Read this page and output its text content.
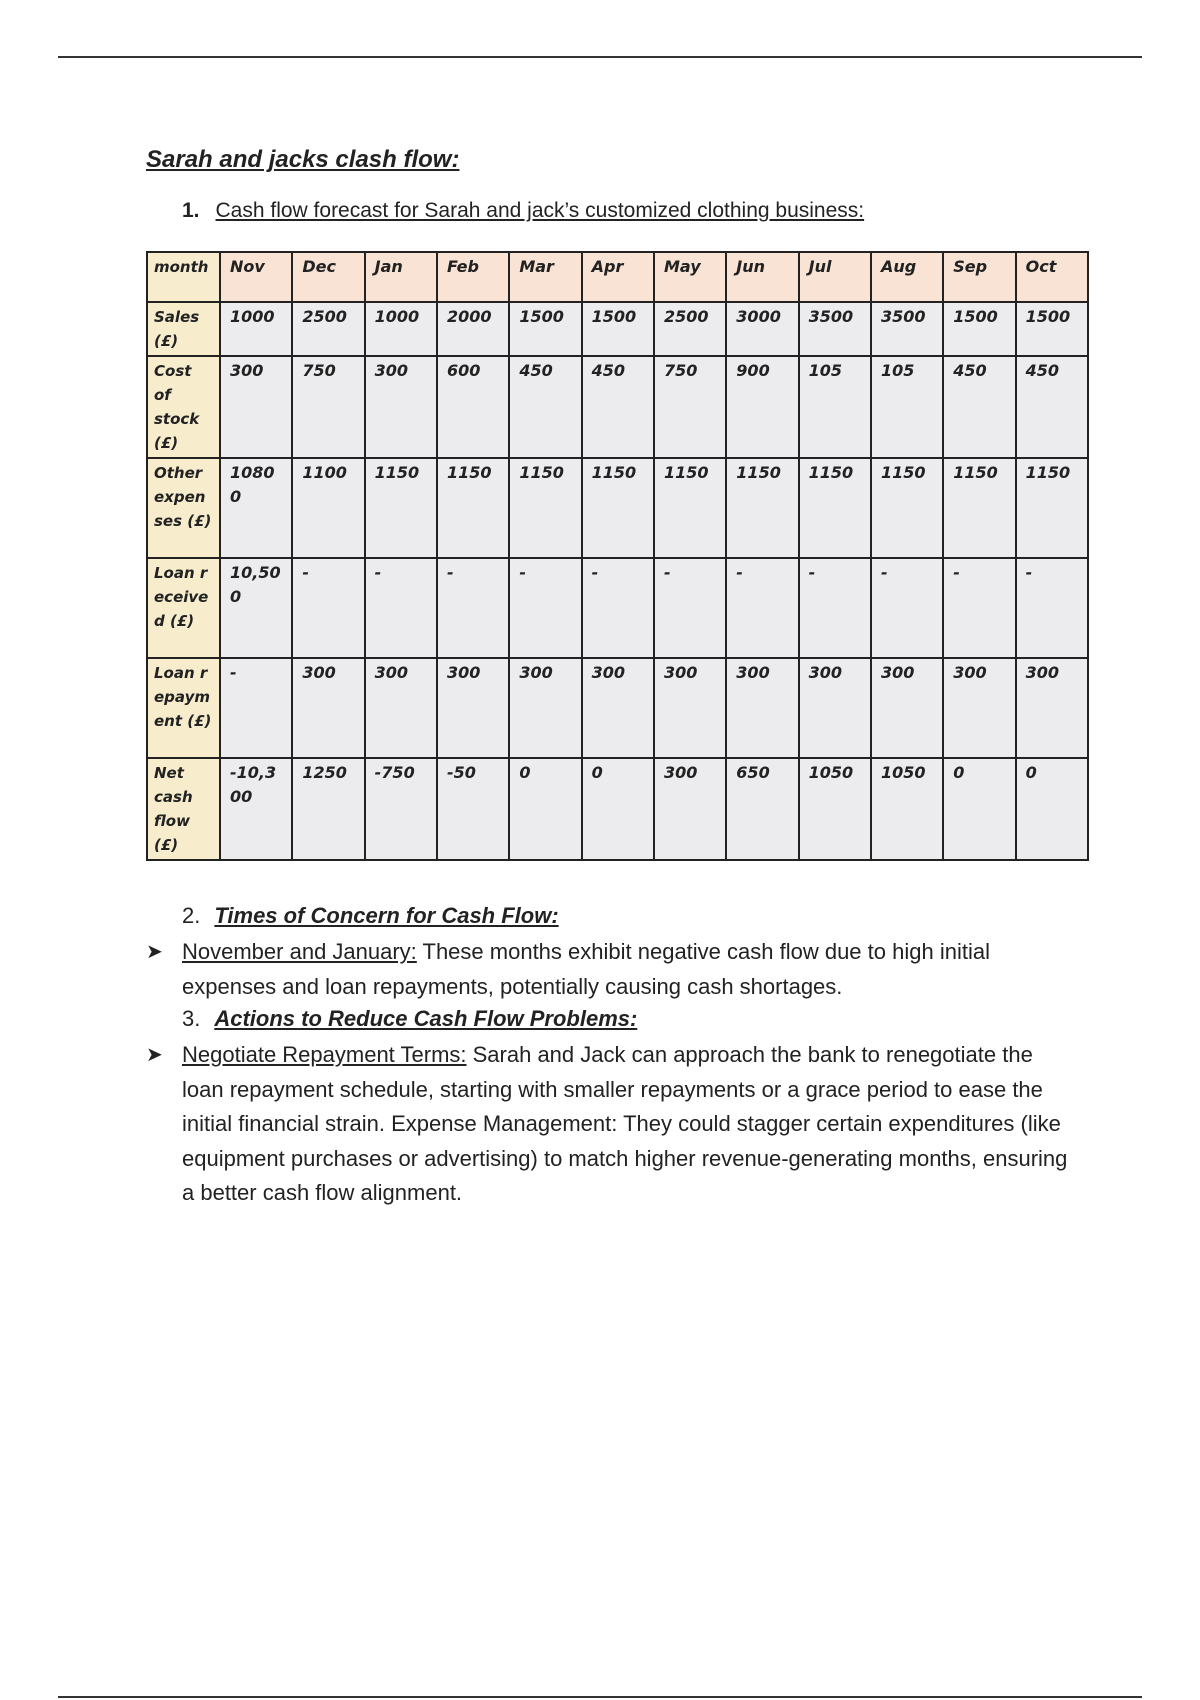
Sarah and jacks clash flow:
1. Cash flow forecast for Sarah and jack’s customized clothing business:
month	Nov	Dec	Jan	Feb	Mar	Apr	May	Jun	Jul	Aug	Sep	Oct
Sales (£)	1000	2500	1000	2000	1500	1500	2500	3000	3500	3500	1500	1500
Cost of stock (£)	300	750	300	600	450	450	750	900	105	105	450	450
Other expenses (£)	10800	1100	1150	1150	1150	1150	1150	1150	1150	1150	1150	1150
Loan received (£)	10,500	-	-	-	-	-	-	-	-	-	-	-
Loan repayment (£)	-	300	300	300	300	300	300	300	300	300	300	300
Net cash flow (£)	-10,300	1250	-750	-50	0	0	300	650	1050	1050	0	0
2. Times of Concern for Cash Flow:
➤ November and January: These months exhibit negative cash flow due to high initial expenses and loan repayments, potentially causing cash shortages.
3. Actions to Reduce Cash Flow Problems:
➤ Negotiate Repayment Terms: Sarah and Jack can approach the bank to renegotiate the loan repayment schedule, starting with smaller repayments or a grace period to ease the initial financial strain. Expense Management: They could stagger certain expenditures (like equipment purchases or advertising) to match higher revenue-generating months, ensuring a better cash flow alignment.
